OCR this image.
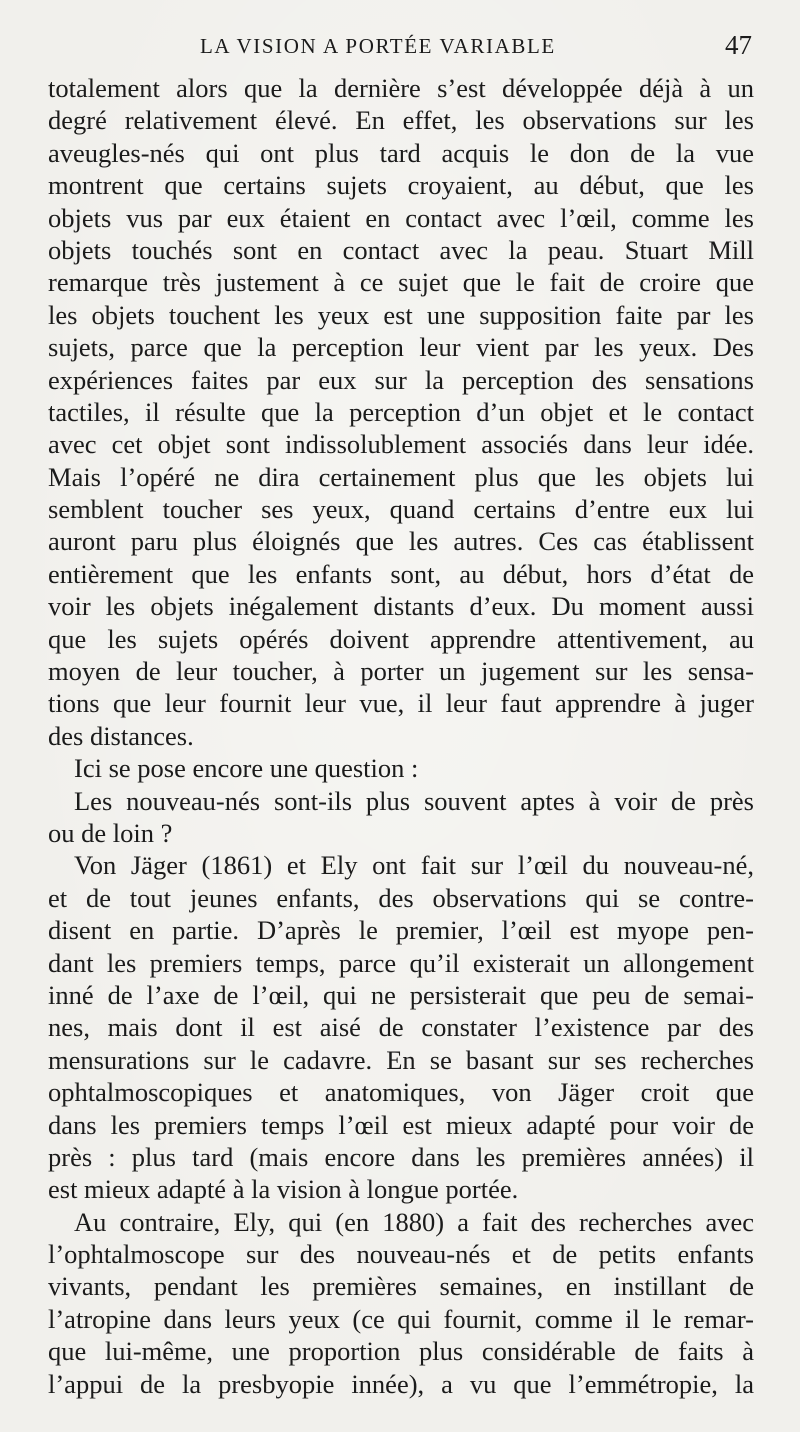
LA VISION A PORTÉE VARIABLE	47
totalement alors que la dernière s’est développée déjà à un
degré relativement élevé. En effet, les observations sur les
aveugles-nés qui ont plus tard acquis le don de la vue
montrent que certains sujets croyaient, au début, que les
objets vus par eux étaient en contact avec l’œil, comme les
objets touchés sont en contact avec la peau. Stuart Mill
remarque très justement à ce sujet que le fait de croire que
les objets touchent les yeux est une supposition faite par les
sujets, parce que la perception leur vient par les yeux. Des
expériences faites par eux sur la perception des sensations
tactiles, il résulte que la perception d’un objet et le contact
avec cet objet sont indissolublement associés dans leur idée.
Mais l’opéré ne dira certainement plus que les objets lui
semblent toucher ses yeux, quand certains d’entre eux lui
auront paru plus éloignés que les autres. Ces cas établissent
entièrement que les enfants sont, au début, hors d’état de
voir les objets inégalement distants d’eux. Du moment aussi
que les sujets opérés doivent apprendre attentivement, au
moyen de leur toucher, à porter un jugement sur les sensa-
tions que leur fournit leur vue, il leur faut apprendre à juger
des distances.
Ici se pose encore une question :
Les nouveau-nés sont-ils plus souvent aptes à voir de près
ou de loin ?
Von Jäger (1861) et Ely ont fait sur l’œil du nouveau-né,
et de tout jeunes enfants, des observations qui se contre-
disent en partie. D’après le premier, l’œil est myope pen-
dant les premiers temps, parce qu’il existerait un allongement
inné de l’axe de l’œil, qui ne persisterait que peu de semai-
nes, mais dont il est aisé de constater l’existence par des
mensurations sur le cadavre. En se basant sur ses recherches
ophtalmoscopiques et anatomiques, von Jäger croit que
dans les premiers temps l’œil est mieux adapté pour voir de
près : plus tard (mais encore dans les premières années) il
est mieux adapté à la vision à longue portée.
Au contraire, Ely, qui (en 1880) a fait des recherches avec
l’ophtalmoscope sur des nouveau-nés et de petits enfants
vivants, pendant les premières semaines, en instillant de
l’atropine dans leurs yeux (ce qui fournit, comme il le remar-
que lui-même, une proportion plus considérable de faits à
l’appui de la presbyopie innée), a vu que l’emmétropie, la
